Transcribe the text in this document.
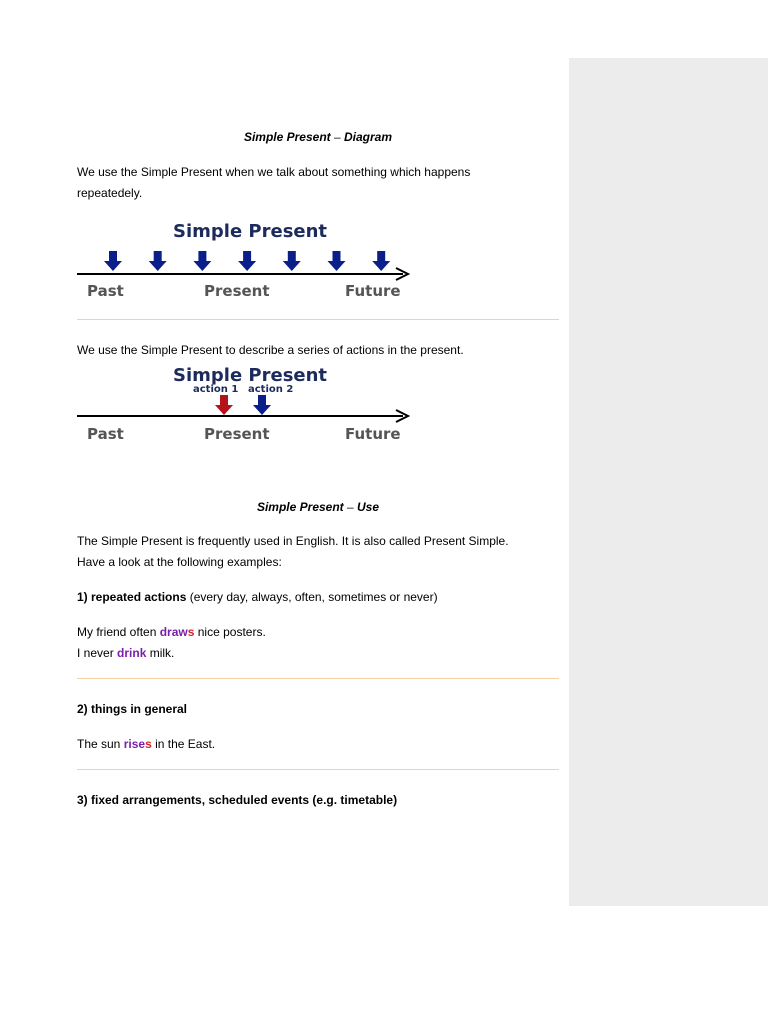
Simple Present – Diagram
We use the Simple Present when we talk about something which happens
repeatedely.
Simple Present
Past	Present	Future
We use the Simple Present to describe a series of actions in the present.
Simple Present
action 1 action 2
Past	Present	Future
Simple Present – Use
The Simple Present is frequently used in English. It is also called Present Simple.
Have a look at the following examples:
1) repeated actions (every day, always, often, sometimes or never)
My friend often draws nice posters.
I never drink milk.
2) things in general
The sun rises in the East.
3) fixed arrangements, scheduled events (e.g. timetable)
